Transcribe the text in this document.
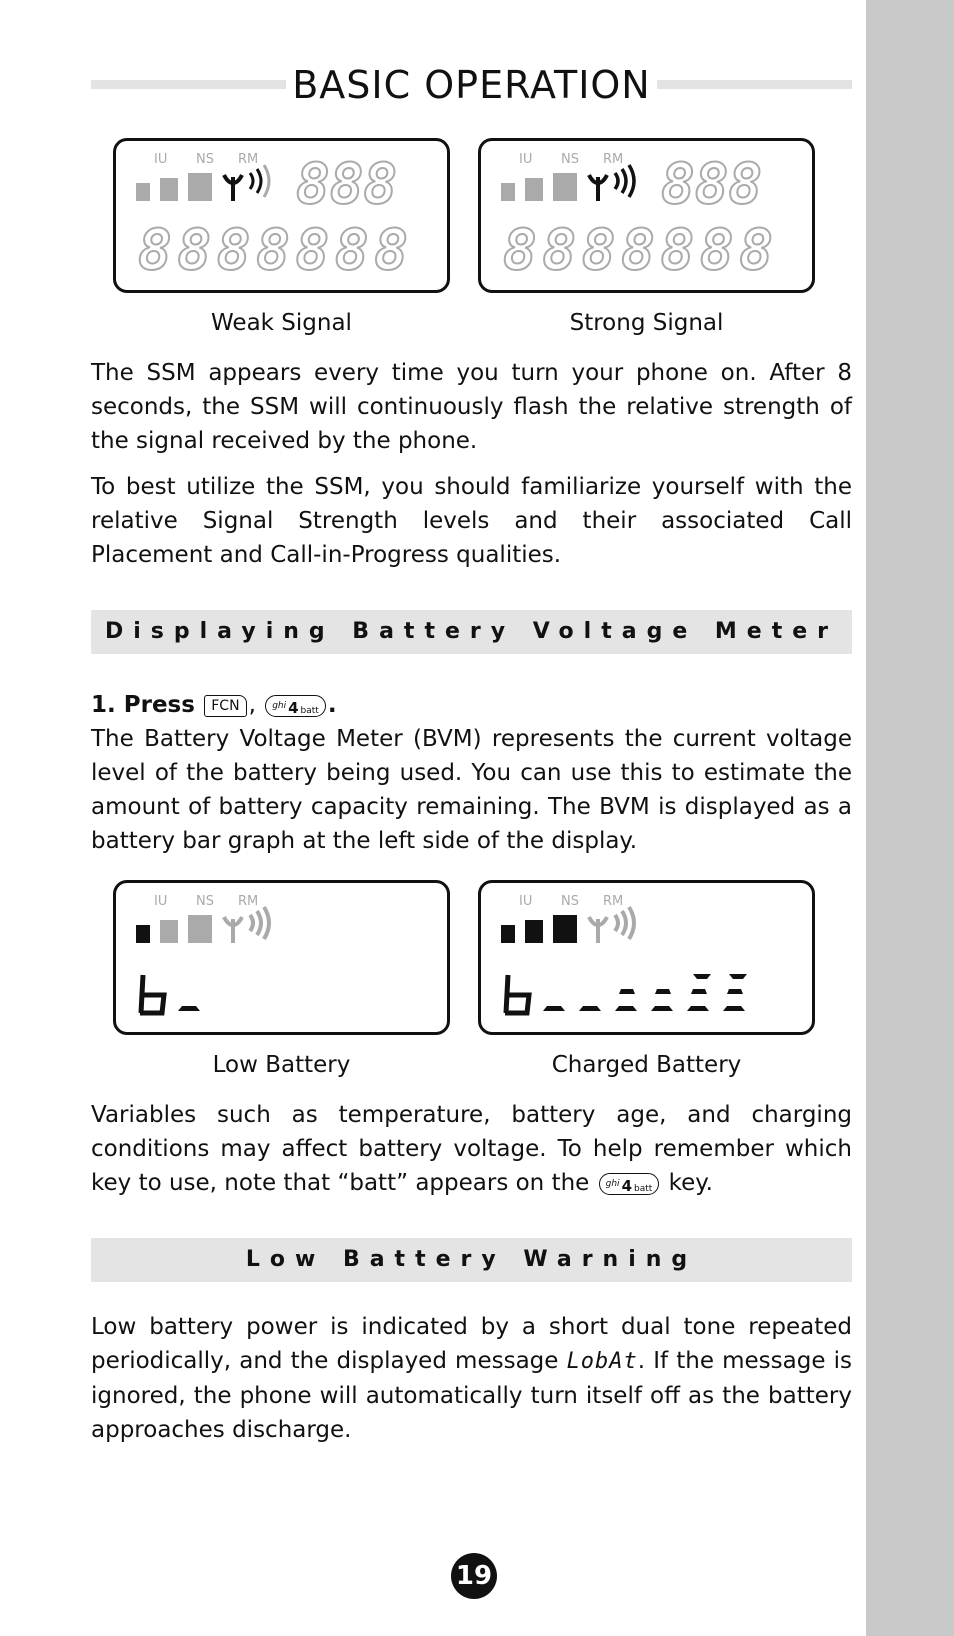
BASIC OPERATION
IU NS RM 888
8888888
Weak Signal
IU NS RM 888
8888888
Strong Signal

The SSM appears every time you turn your phone on. After 8 seconds, the SSM will continuously flash the relative strength of the signal received by the phone.

To best utilize the SSM, you should familiarize yourself with the relative Signal Strength levels and their associated Call Placement and Call-in-Progress qualities.

Displaying Battery Voltage Meter
1. Press FCN , $^{ghi}$ 4 batt .

The Battery Voltage Meter (BVM) represents the current voltage level of the battery being used. You can use this to estimate the amount of battery capacity remaining. The BVM is displayed as a battery bar graph at the left side of the display.

IU NS RM
Low Battery
IU NS RM
Charged Battery

Variables such as temperature, battery age, and charging conditions may affect battery voltage. To help remember which key to use, note that “batt” appears on the $^{ghi}$ 4 batt key.

Low Battery Warning

Low battery power is indicated by a short dual tone repeated periodically, and the displayed message LobAt. If the message is ignored, the phone will automatically turn itself off as the battery approaches discharge.

19
